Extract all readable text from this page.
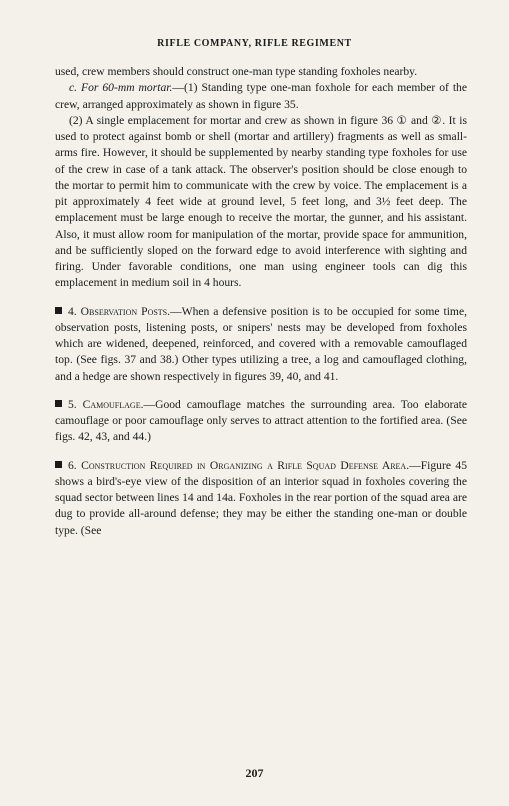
RIFLE COMPANY, RIFLE REGIMENT

used, crew members should construct one-man type standing foxholes nearby.

c. For 60-mm mortar.—(1) Standing type one-man foxhole for each member of the crew, arranged approximately as shown in figure 35.

(2) A single emplacement for mortar and crew as shown in figure 36 ① and ②. It is used to protect against bomb or shell (mortar and artillery) fragments as well as small-arms fire. However, it should be supplemented by nearby standing type foxholes for use of the crew in case of a tank attack. The observer's position should be close enough to the mortar to permit him to communicate with the crew by voice. The emplacement is a pit approximately 4 feet wide at ground level, 5 feet long, and 3½ feet deep. The emplacement must be large enough to receive the mortar, the gunner, and his assistant. Also, it must allow room for manipulation of the mortar, provide space for ammunition, and be sufficiently sloped on the forward edge to avoid interference with sighting and firing. Under favorable conditions, one man using engineer tools can dig this emplacement in medium soil in 4 hours.

4. Observation Posts.—When a defensive position is to be occupied for some time, observation posts, listening posts, or snipers' nests may be developed from foxholes which are widened, deepened, reinforced, and covered with a removable camouflaged top. (See figs. 37 and 38.) Other types utilizing a tree, a log and camouflaged clothing, and a hedge are shown respectively in figures 39, 40, and 41.

5. Camouflage.—Good camouflage matches the surrounding area. Too elaborate camouflage or poor camouflage only serves to attract attention to the fortified area. (See figs. 42, 43, and 44.)

6. Construction Required in Organizing a Rifle Squad Defense Area.—Figure 45 shows a bird's-eye view of the disposition of an interior squad in foxholes covering the squad sector between lines 14 and 14a. Foxholes in the rear portion of the squad area are dug to provide all-around defense; they may be either the standing one-man or double type. (See

207
